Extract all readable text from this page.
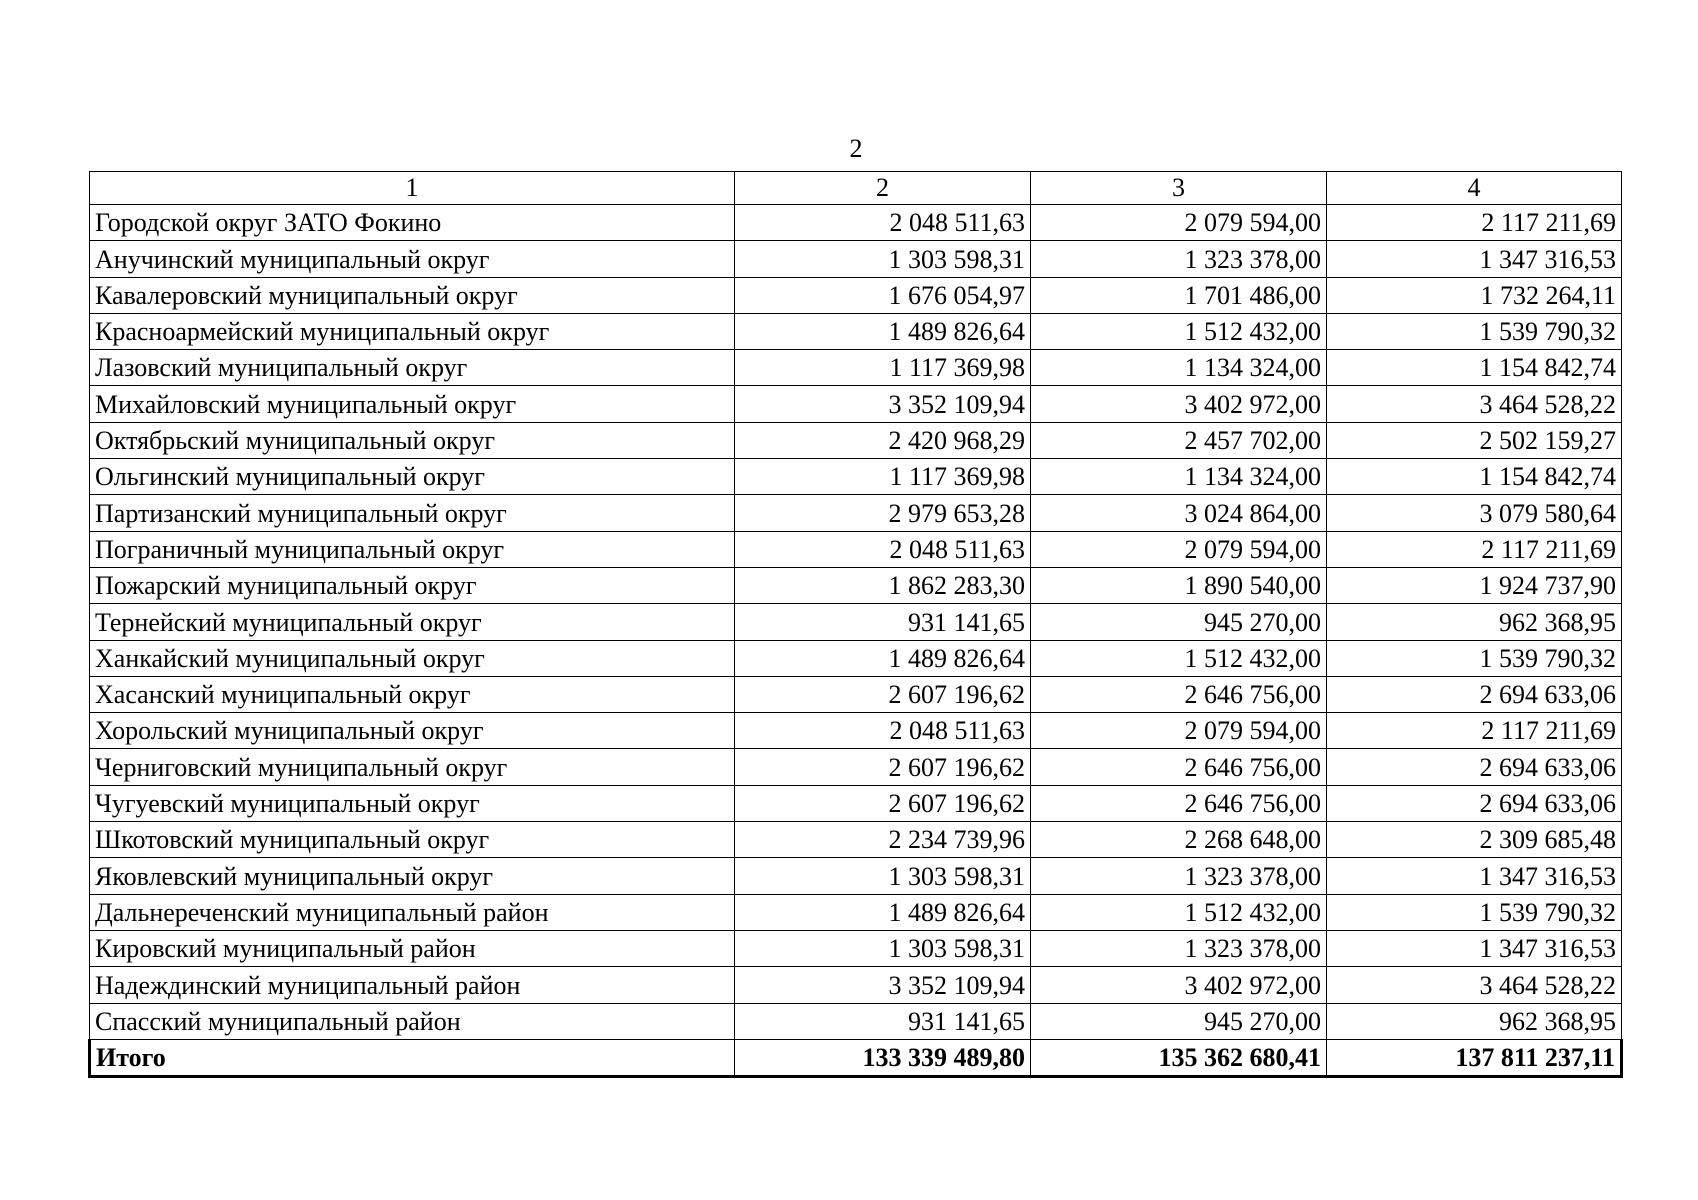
2
1	2	3	4
Городской округ ЗАТО Фокино	2 048 511,63	2 079 594,00	2 117 211,69
Анучинский муниципальный округ	1 303 598,31	1 323 378,00	1 347 316,53
Кавалеровский муниципальный округ	1 676 054,97	1 701 486,00	1 732 264,11
Красноармейский муниципальный округ	1 489 826,64	1 512 432,00	1 539 790,32
Лазовский муниципальный округ	1 117 369,98	1 134 324,00	1 154 842,74
Михайловский муниципальный округ	3 352 109,94	3 402 972,00	3 464 528,22
Октябрьский муниципальный округ	2 420 968,29	2 457 702,00	2 502 159,27
Ольгинский муниципальный округ	1 117 369,98	1 134 324,00	1 154 842,74
Партизанский муниципальный округ	2 979 653,28	3 024 864,00	3 079 580,64
Пограничный муниципальный округ	2 048 511,63	2 079 594,00	2 117 211,69
Пожарский муниципальный округ	1 862 283,30	1 890 540,00	1 924 737,90
Тернейский муниципальный округ	931 141,65	945 270,00	962 368,95
Ханкайский муниципальный округ	1 489 826,64	1 512 432,00	1 539 790,32
Хасанский муниципальный округ	2 607 196,62	2 646 756,00	2 694 633,06
Хорольский муниципальный округ	2 048 511,63	2 079 594,00	2 117 211,69
Черниговский муниципальный округ	2 607 196,62	2 646 756,00	2 694 633,06
Чугуевский муниципальный округ	2 607 196,62	2 646 756,00	2 694 633,06
Шкотовский муниципальный округ	2 234 739,96	2 268 648,00	2 309 685,48
Яковлевский муниципальный округ	1 303 598,31	1 323 378,00	1 347 316,53
Дальнереченский муниципальный район	1 489 826,64	1 512 432,00	1 539 790,32
Кировский муниципальный район	1 303 598,31	1 323 378,00	1 347 316,53
Надеждинский муниципальный район	3 352 109,94	3 402 972,00	3 464 528,22
Спасский муниципальный район	931 141,65	945 270,00	962 368,95
Итого	133 339 489,80	135 362 680,41	137 811 237,11
